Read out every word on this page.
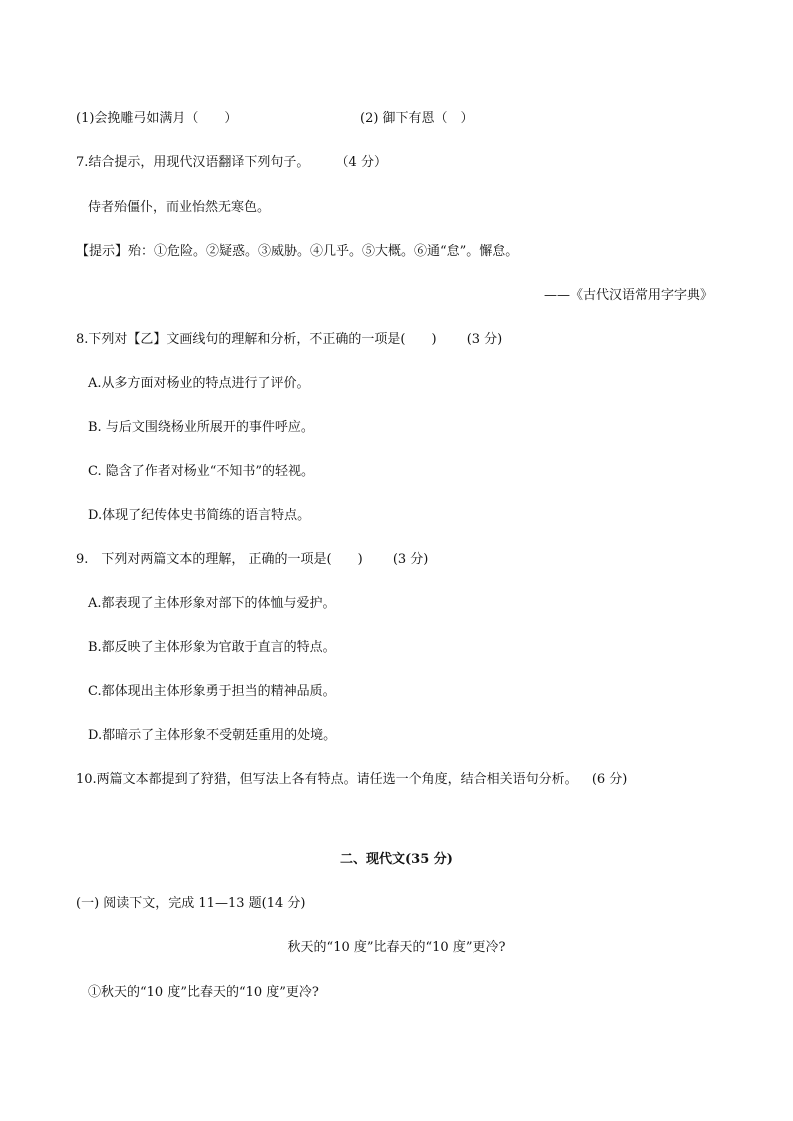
(1)会挽雕弓如满月（　　）	(2) 御下有恩（　）
7.结合提示，用现代汉语翻译下列句子。 （4 分）
侍者殆僵仆，而业怡然无寒色。
【提示】殆：①危险。②疑惑。③威胁。④几乎。⑤大概。⑥通“怠”。懈怠。
——《古代汉语常用字字典》
8.下列对【乙】文画线句的理解和分析，不正确的一项是(　　) (3 分)
A.从多方面对杨业的特点进行了评价。
B. 与后文围绕杨业所展开的事件呼应。
C. 隐含了作者对杨业“不知书”的轻视。
D.体现了纪传体史书简练的语言特点。
9.　下列对两篇文本的理解， 正确的一项是(　　) (3 分)
A.都表现了主体形象对部下的体恤与爱护。
B.都反映了主体形象为官敢于直言的特点。
C.都体现出主体形象勇于担当的精神品质。
D.都暗示了主体形象不受朝廷重用的处境。
10.两篇文本都提到了狩猎，但写法上各有特点。请任选一个角度，结合相关语句分析。 (6 分)
二、现代文(35 分)
(一) 阅读下文，完成 11—13 题(14 分)
秋天的“10 度”比春天的“10 度”更冷?
①秋天的“10 度”比春天的“10 度”更冷?
